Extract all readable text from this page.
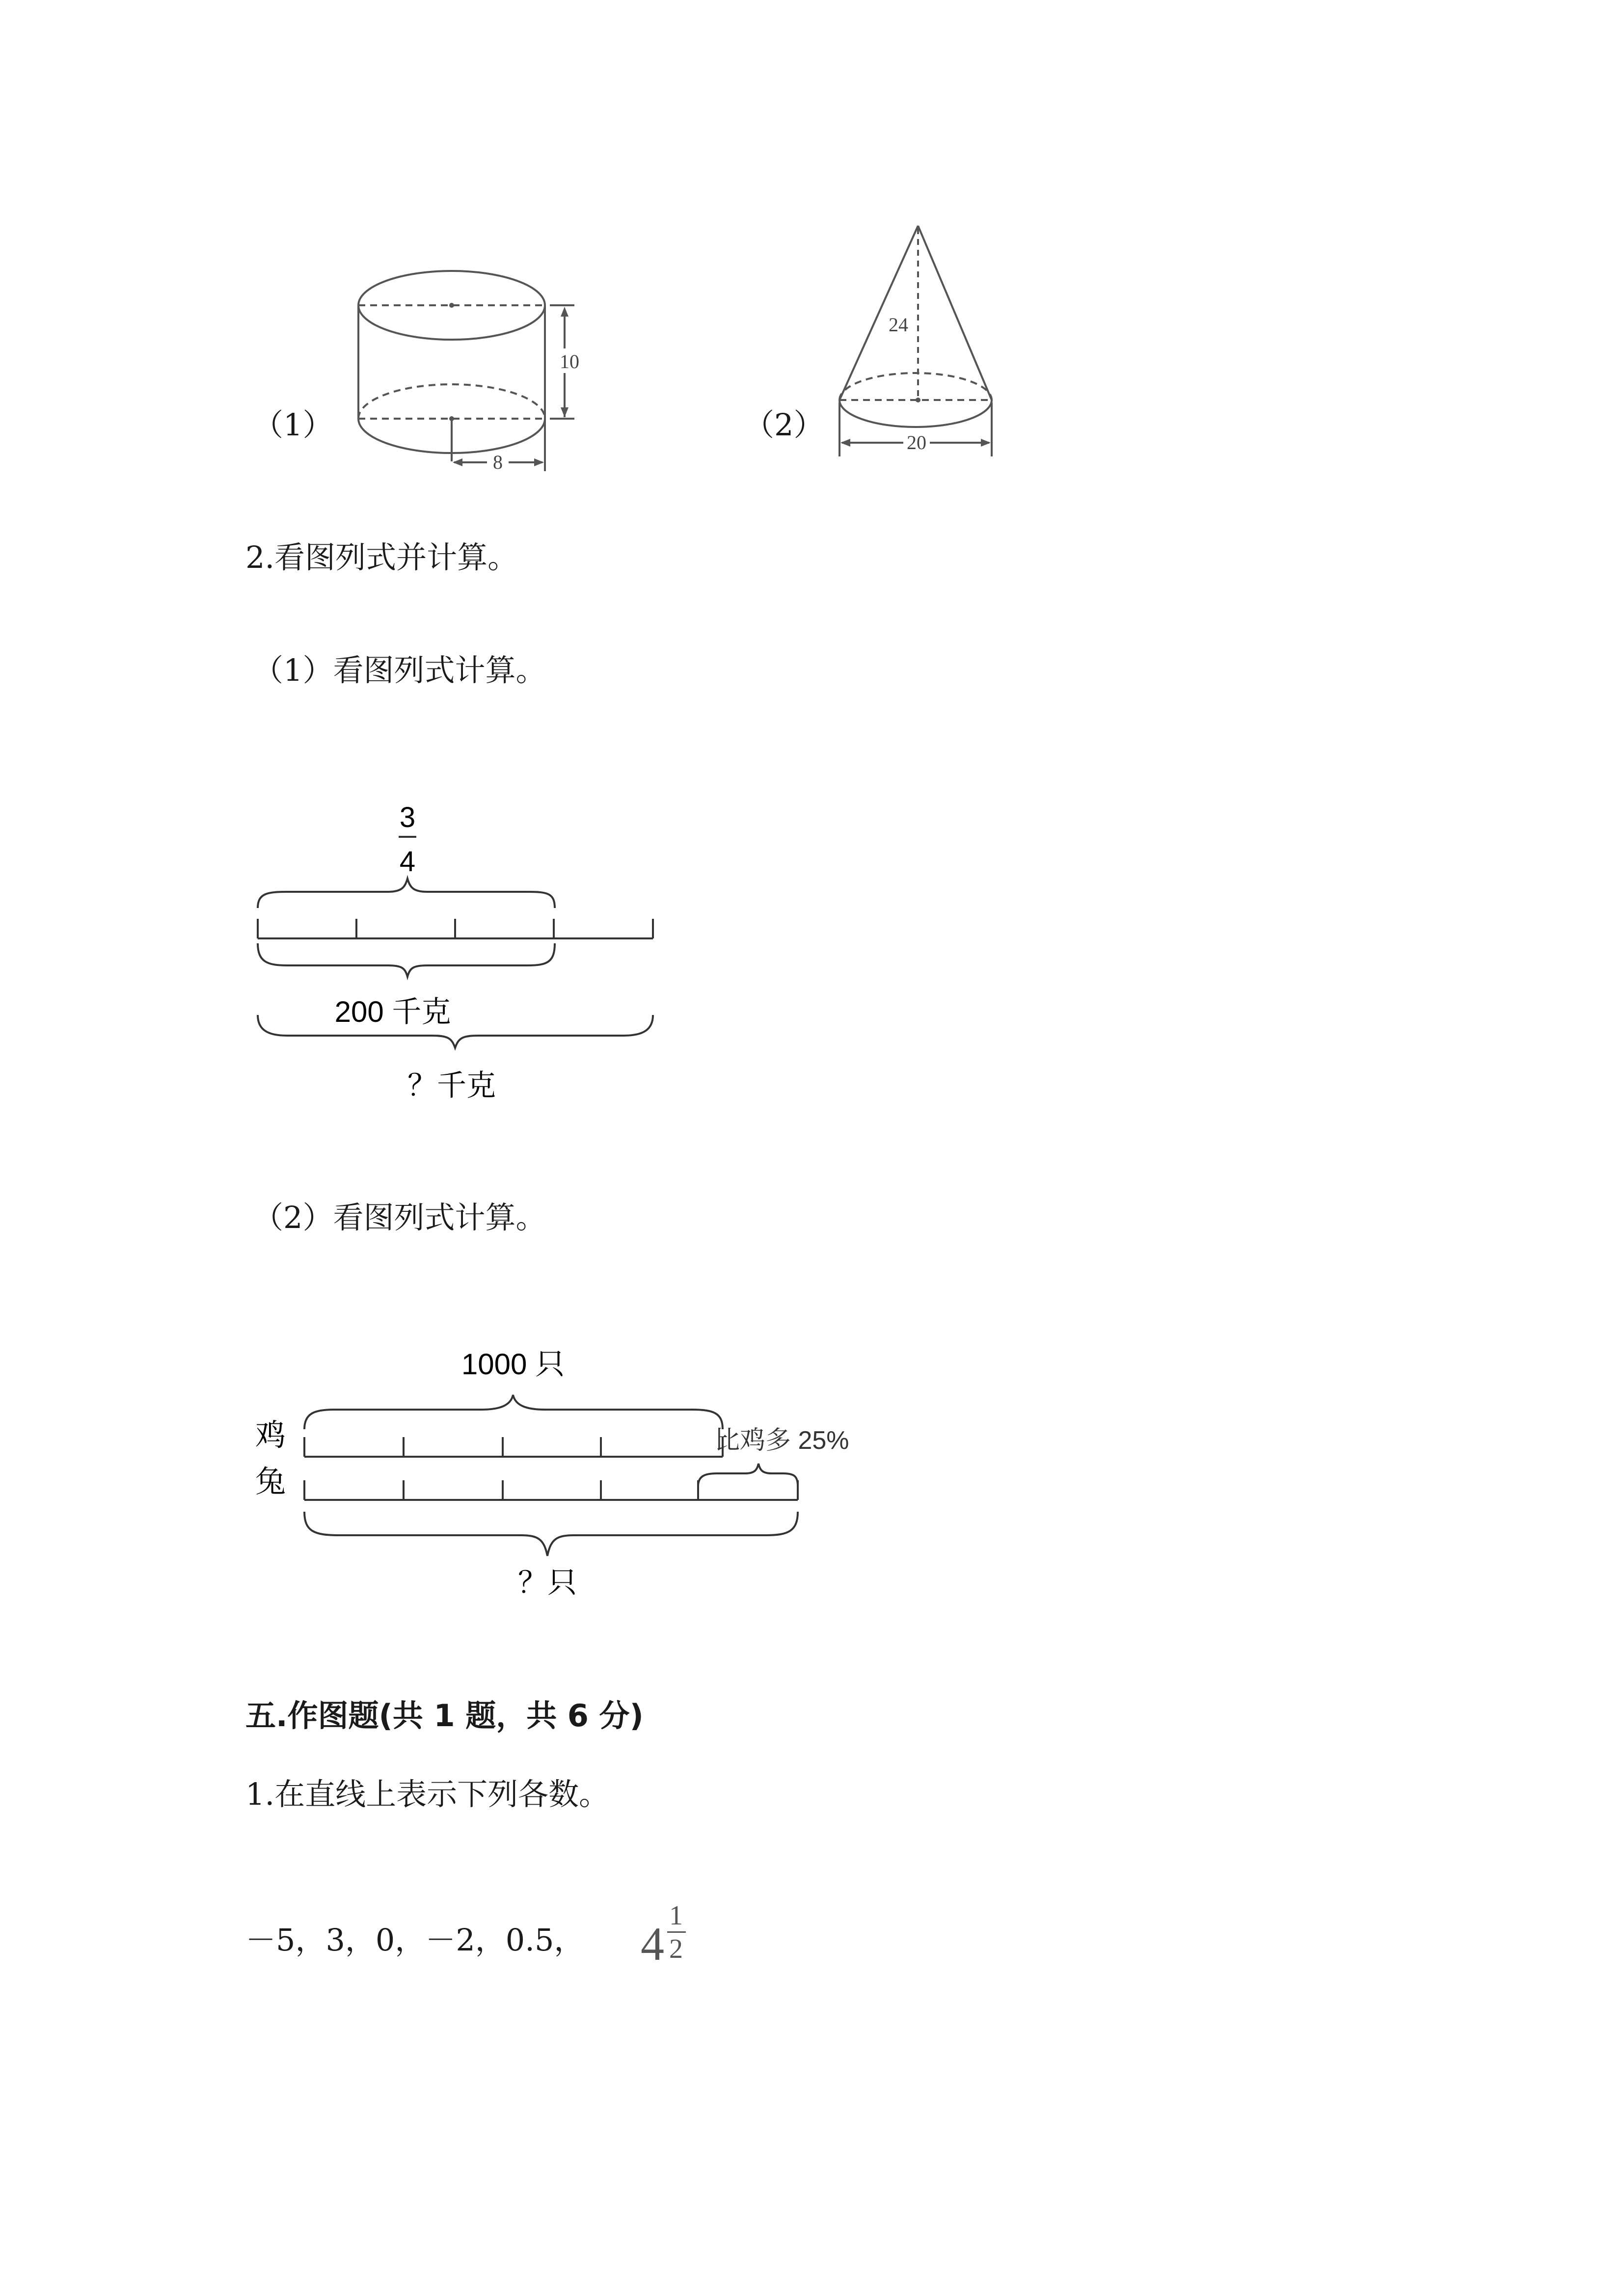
（1）
10
8
（2）
24
20
2.看图列式并计算。
（1）看图列式计算。
3
4
200 千克
？千克
（2）看图列式计算。
1000 只
鸡
兔
比鸡多 25%
？只
五.作图题(共 1 题，共 6 分)
1.在直线上表示下列各数。
－5，3，0，－2，0.5， 4
1
2
